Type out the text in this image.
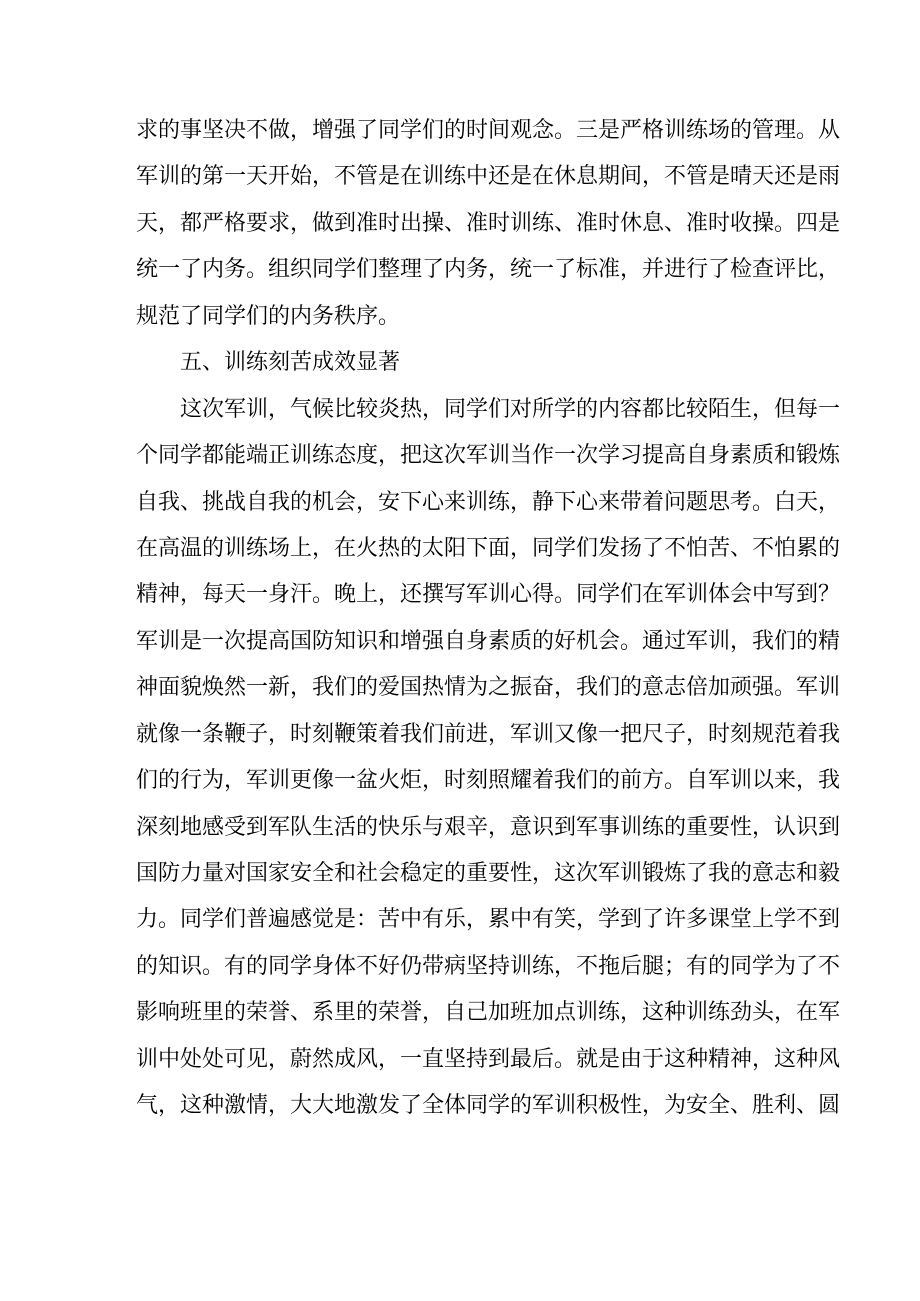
求的事坚决不做，增强了同学们的时间观念。三是严格训练场的管理。从
军训的第一天开始，不管是在训练中还是在休息期间，不管是晴天还是雨
天，都严格要求，做到准时出操、准时训练、准时休息、准时收操。四是
统一了内务。组织同学们整理了内务，统一了标准，并进行了检查评比，
规范了同学们的内务秩序。
五、训练刻苦成效显著
这次军训，气候比较炎热，同学们对所学的内容都比较陌生，但每一
个同学都能端正训练态度，把这次军训当作一次学习提高自身素质和锻炼
自我、挑战自我的机会，安下心来训练，静下心来带着问题思考。白天，
在高温的训练场上，在火热的太阳下面，同学们发扬了不怕苦、不怕累的
精神，每天一身汗。晚上，还撰写军训心得。同学们在军训体会中写到？
军训是一次提高国防知识和增强自身素质的好机会。通过军训，我们的精
神面貌焕然一新，我们的爱国热情为之振奋，我们的意志倍加顽强。军训
就像一条鞭子，时刻鞭策着我们前进，军训又像一把尺子，时刻规范着我
们的行为，军训更像一盆火炬，时刻照耀着我们的前方。自军训以来，我
深刻地感受到军队生活的快乐与艰辛，意识到军事训练的重要性，认识到
国防力量对国家安全和社会稳定的重要性，这次军训锻炼了我的意志和毅
力。同学们普遍感觉是：苦中有乐，累中有笑，学到了许多课堂上学不到
的知识。有的同学身体不好仍带病坚持训练，不拖后腿；有的同学为了不
影响班里的荣誉、系里的荣誉，自己加班加点训练，这种训练劲头，在军
训中处处可见，蔚然成风，一直坚持到最后。就是由于这种精神，这种风
气，这种激情，大大地激发了全体同学的军训积极性，为安全、胜利、圆
